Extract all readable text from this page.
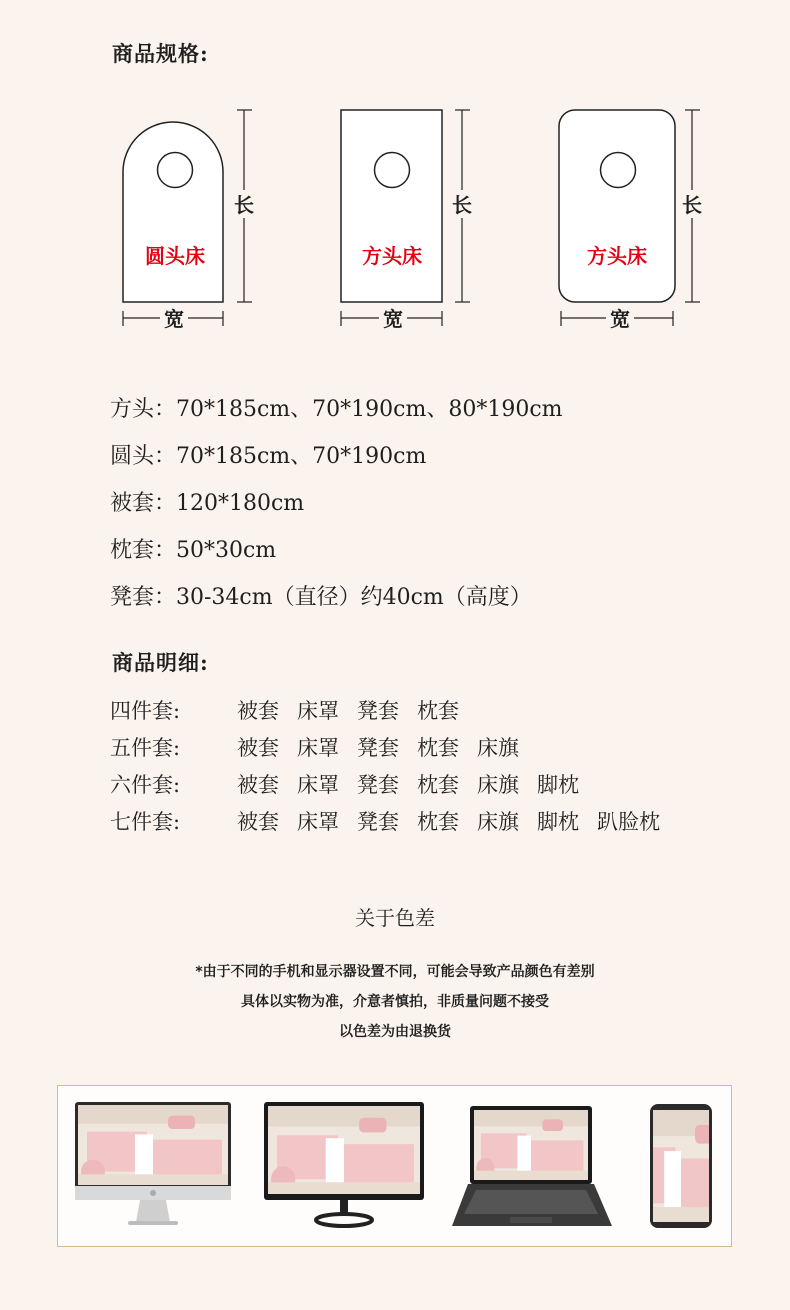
商品规格:
圆头床
长
宽
方头床
长
宽
方头床
长
宽
方头：70*185cm、70*190cm、80*190cm
圆头：70*185cm、70*190cm
被套：120*180cm
枕套：50*30cm
凳套：30-34cm（直径）约40cm（高度）
商品明细:
四件套:	被套 床罩 凳套 枕套
五件套:	被套 床罩 凳套 枕套 床旗
六件套:	被套 床罩 凳套 枕套 床旗 脚枕
七件套:	被套 床罩 凳套 枕套 床旗 脚枕 趴脸枕
关于色差
*由于不同的手机和显示器设置不同，可能会导致产品颜色有差别
具体以实物为准，介意者慎拍，非质量问题不接受
以色差为由退换货
